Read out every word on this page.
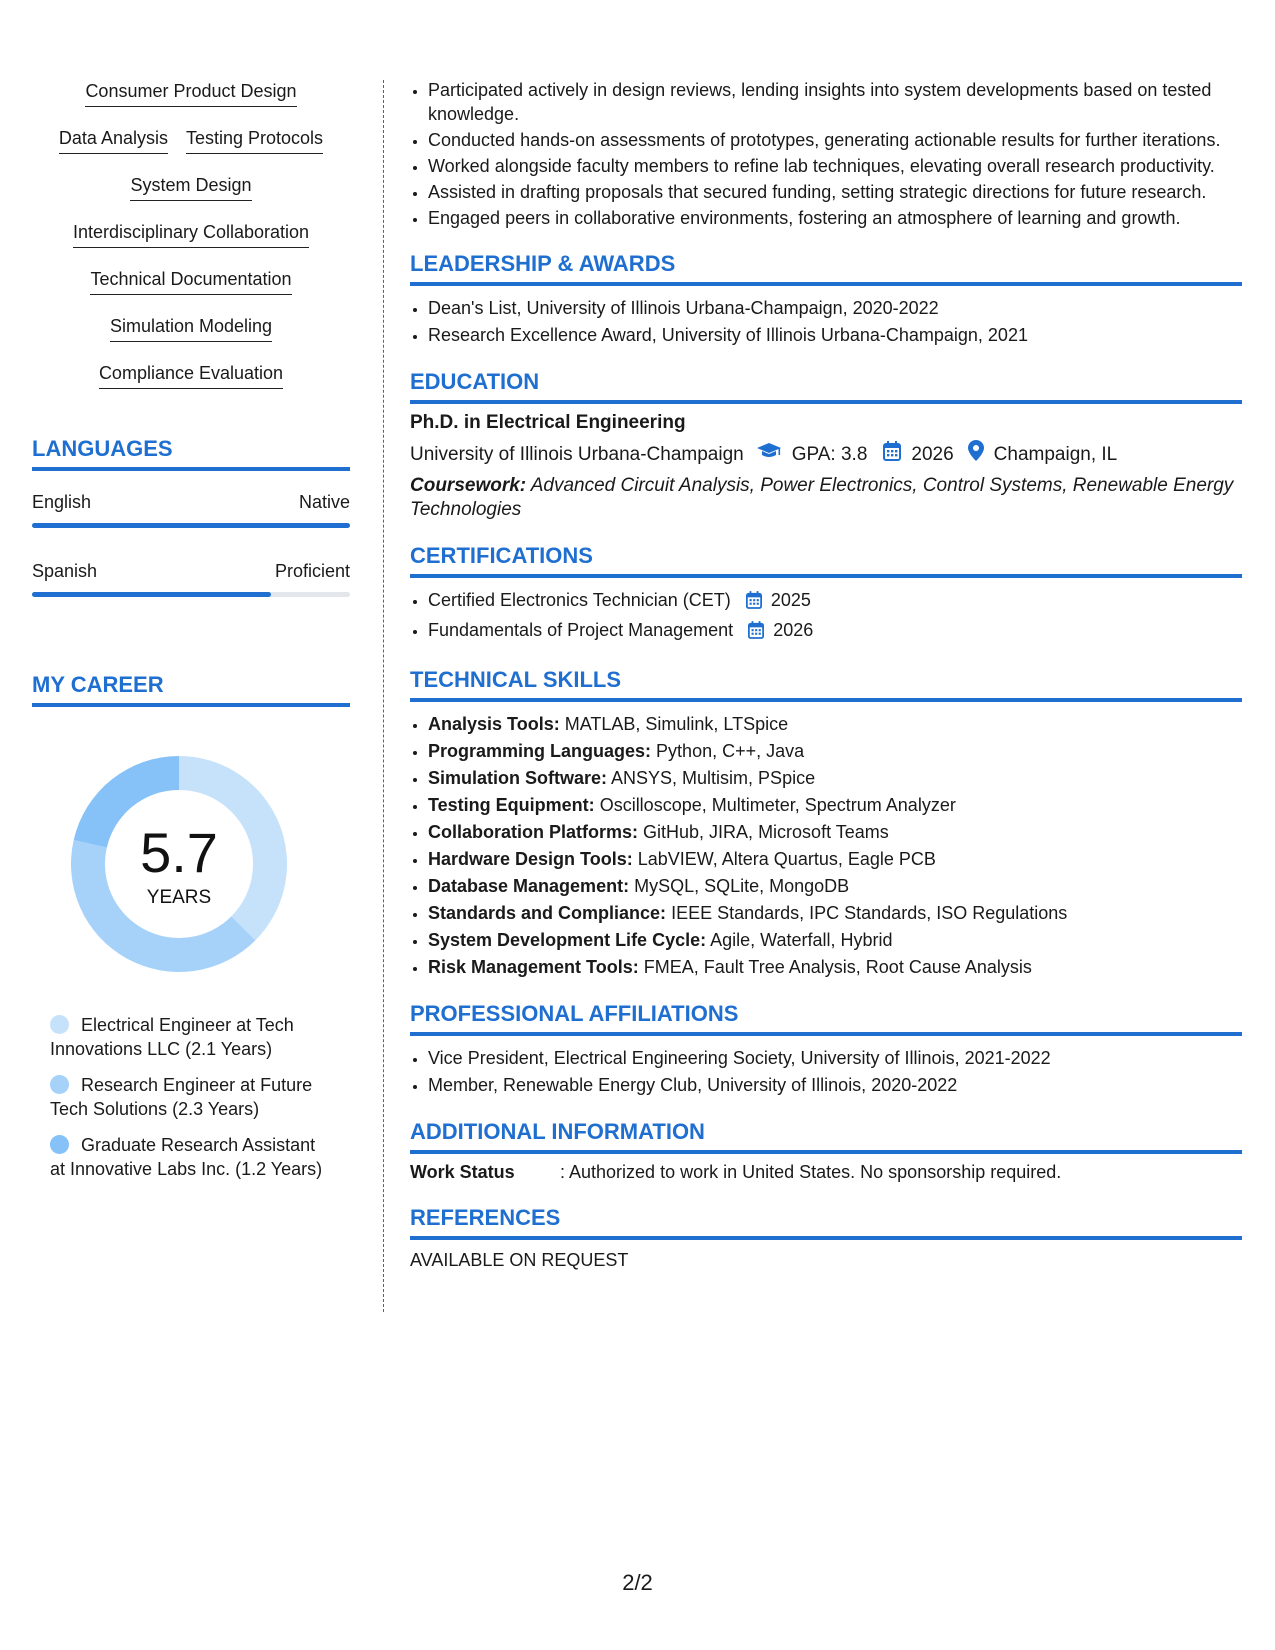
Consumer Product Design
Data Analysis Testing Protocols
System Design
Interdisciplinary Collaboration
Technical Documentation
Simulation Modeling
Compliance Evaluation
LANGUAGES
English	Native
Spanish	Proficient
MY CAREER
5.7
YEARS
Electrical Engineer at Tech Innovations LLC (2.1 Years)
Research Engineer at Future Tech Solutions (2.3 Years)
Graduate Research Assistant at Innovative Labs Inc. (1.2 Years)
• Participated actively in design reviews, lending insights into system developments based on tested knowledge.
• Conducted hands-on assessments of prototypes, generating actionable results for further iterations.
• Worked alongside faculty members to refine lab techniques, elevating overall research productivity.
• Assisted in drafting proposals that secured funding, setting strategic directions for future research.
• Engaged peers in collaborative environments, fostering an atmosphere of learning and growth.
LEADERSHIP & AWARDS
• Dean's List, University of Illinois Urbana-Champaign, 2020-2022
• Research Excellence Award, University of Illinois Urbana-Champaign, 2021
EDUCATION
Ph.D. in Electrical Engineering
University of Illinois Urbana-Champaign	GPA: 3.8 2026 Champaign, IL
Coursework: Advanced Circuit Analysis, Power Electronics, Control Systems, Renewable Energy Technologies
CERTIFICATIONS
• Certified Electronics Technician (CET) 2025
• Fundamentals of Project Management 2026
TECHNICAL SKILLS
• Analysis Tools: MATLAB, Simulink, LTSpice
• Programming Languages: Python, C++, Java
• Simulation Software: ANSYS, Multisim, PSpice
• Testing Equipment: Oscilloscope, Multimeter, Spectrum Analyzer
• Collaboration Platforms: GitHub, JIRA, Microsoft Teams
• Hardware Design Tools: LabVIEW, Altera Quartus, Eagle PCB
• Database Management: MySQL, SQLite, MongoDB
• Standards and Compliance: IEEE Standards, IPC Standards, ISO Regulations
• System Development Life Cycle: Agile, Waterfall, Hybrid
• Risk Management Tools: FMEA, Fault Tree Analysis, Root Cause Analysis
PROFESSIONAL AFFILIATIONS
• Vice President, Electrical Engineering Society, University of Illinois, 2021-2022
• Member, Renewable Energy Club, University of Illinois, 2020-2022
ADDITIONAL INFORMATION
Work Status	: Authorized to work in United States. No sponsorship required.
REFERENCES
AVAILABLE ON REQUEST
2/2
